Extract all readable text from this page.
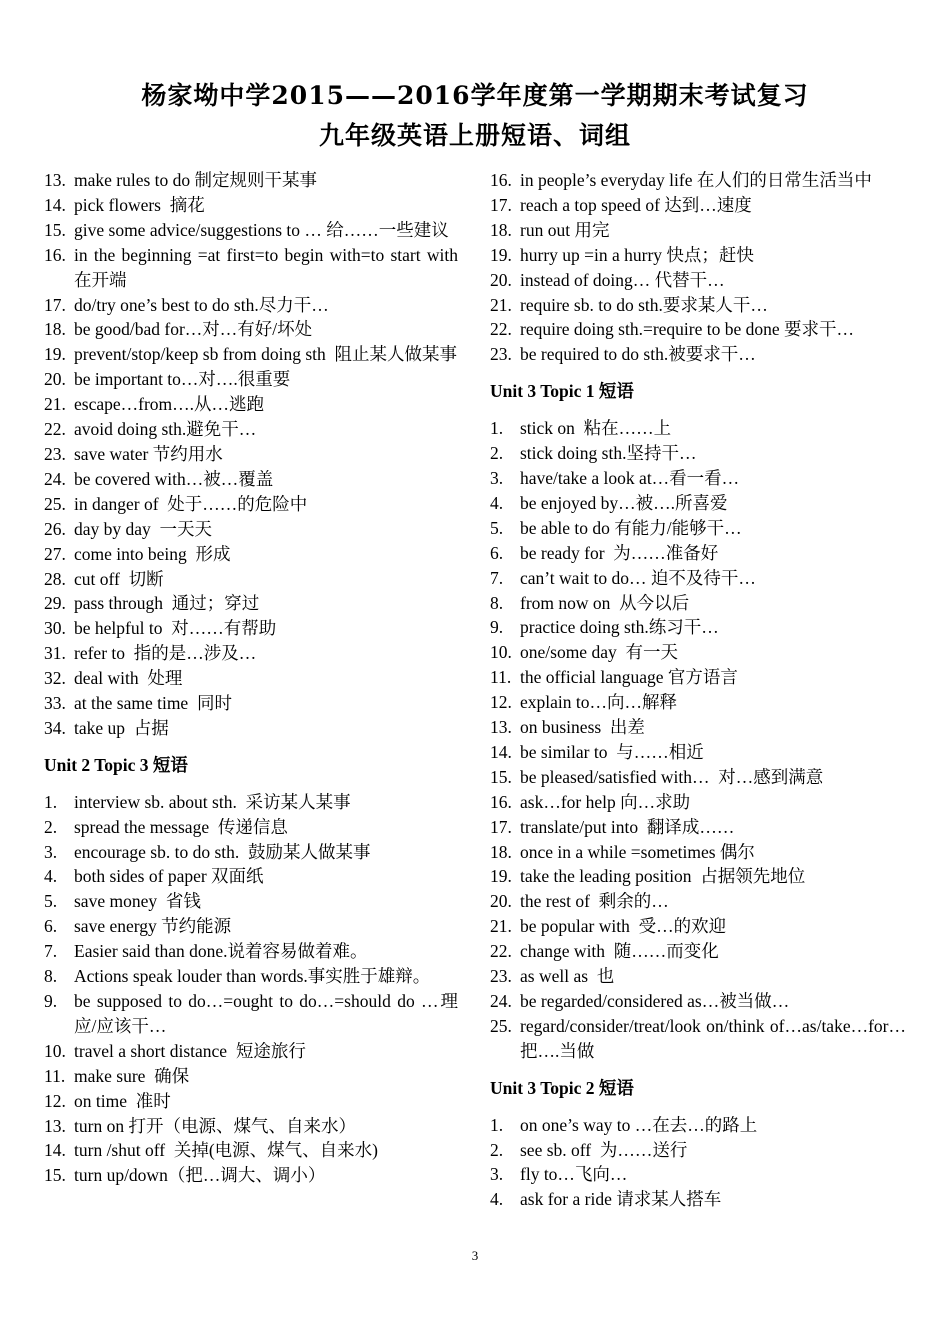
杨家坳中学2015——2016学年度第一学期期末考试复习
九年级英语上册短语、词组
13. make rules to do 制定规则干某事
14. pick flowers  摘花
15. give some advice/suggestions to … 给……一些建议
16. in the beginning =at first=to begin with=to start with 在开端
17. do/try one’s best to do sth.尽力干…
18. be good/bad for…对…有好/坏处
19. prevent/stop/keep sb from doing sth  阻止某人做某事
20. be important to…对….很重要
21. escape…from….从…逃跑
22. avoid doing sth.避免干…
23. save water 节约用水
24. be covered with…被…覆盖
25. in danger of  处于……的危险中
26. day by day  一天天
27. come into being  形成
28. cut off  切断
29. pass through  通过；穿过
30. be helpful to  对……有帮助
31. refer to  指的是…涉及…
32. deal with  处理
33. at the same time  同时
34. take up  占据
Unit 2 Topic 3 短语
1. interview sb. about sth.  采访某人某事
2. spread the message  传递信息
3. encourage sb. to do sth.  鼓励某人做某事
4. both sides of paper 双面纸
5. save money  省钱
6. save energy 节约能源
7. Easier said than done.说着容易做着难。
8. Actions speak louder than words.事实胜于雄辩。
9. be supposed to do…=ought to do…=should do …理应/应该干…
10. travel a short distance  短途旅行
11. make sure  确保
12. on time  准时
13. turn on 打开（电源、煤气、自来水）
14. turn /shut off  关掉(电源、煤气、自来水)
15. turn up/down（把…调大、调小）
16. in people’s everyday life 在人们的日常生活当中
17. reach a top speed of 达到…速度
18. run out 用完
19. hurry up =in a hurry 快点；赶快
20. instead of doing… 代替干…
21. require sb. to do sth.要求某人干…
22. require doing sth.=require to be done 要求干…
23. be required to do sth.被要求干…
Unit 3 Topic 1 短语
1. stick on  粘在……上
2. stick doing sth.坚持干…
3. have/take a look at…看一看…
4. be enjoyed by…被….所喜爱
5. be able to do 有能力/能够干…
6. be ready for  为……准备好
7. can’t wait to do… 迫不及待干…
8. from now on  从今以后
9. practice doing sth.练习干…
10. one/some day  有一天
11. the official language 官方语言
12. explain to…向…解释
13. on business  出差
14. be similar to  与……相近
15. be pleased/satisfied with…  对…感到满意
16. ask…for help 向…求助
17. translate/put into  翻译成……
18. once in a while =sometimes 偶尔
19. take the leading position  占据领先地位
20. the rest of  剩余的…
21. be popular with  受…的欢迎
22. change with  随……而变化
23. as well as  也
24. be regarded/considered as…被当做…
25. regard/consider/treat/look on/think of…as/take…for…把….当做
Unit 3 Topic 2 短语
1. on one’s way to …在去…的路上
2. see sb. off  为……送行
3. fly to…飞向…
4. ask for a ride 请求某人搭车
3
